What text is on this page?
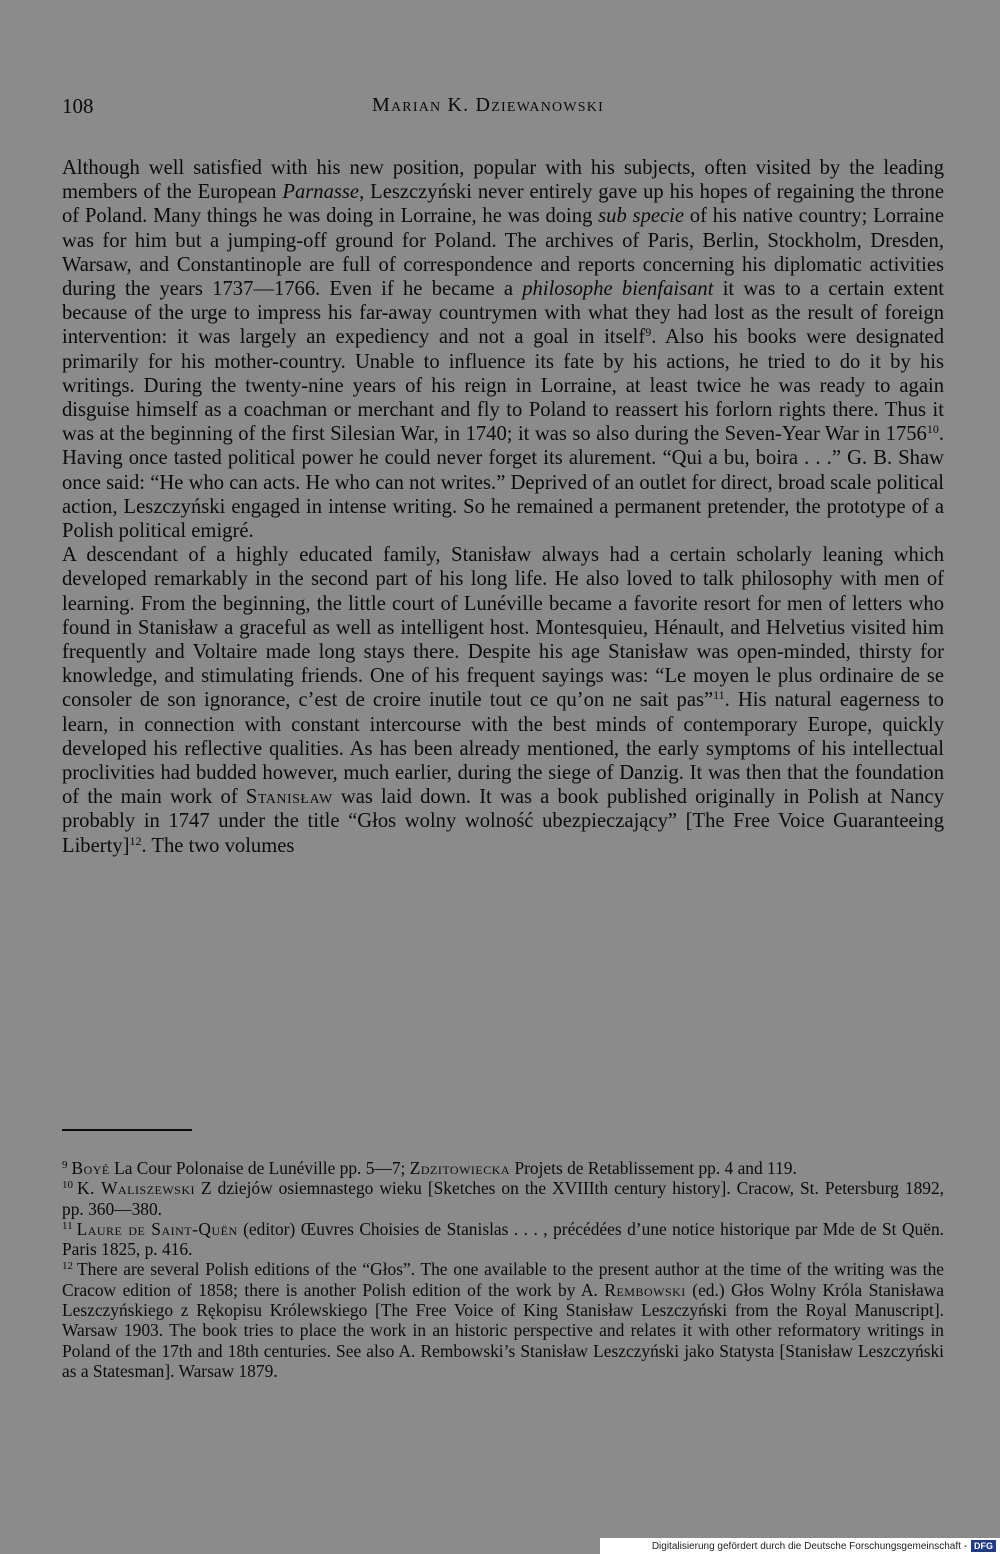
108	Marian K. Dziewanowski

Although well satisfied with his new position, popular with his subjects, often visited by the leading members of the European Parnasse, Leszczyński never entirely gave up his hopes of regaining the throne of Poland. Many things he was doing in Lorraine, he was doing sub specie of his native country; Lorraine was for him but a jumping-off ground for Poland. The archives of Paris, Berlin, Stockholm, Dresden, Warsaw, and Constantinople are full of correspondence and reports concerning his diplomatic activities during the years 1737—1766. Even if he became a philosophe bienfaisant it was to a certain extent because of the urge to impress his far-away countrymen with what they had lost as the result of foreign intervention: it was largely an expediency and not a goal in itself$^9$. Also his books were designated primarily for his mother-country. Unable to influence its fate by his actions, he tried to do it by his writings. During the twenty-nine years of his reign in Lorraine, at least twice he was ready to again disguise himself as a coachman or merchant and fly to Poland to reassert his forlorn rights there. Thus it was at the beginning of the first Silesian War, in 1740; it was so also during the Seven-Year War in 1756$^{10}$. Having once tasted political power he could never forget its alurement. “Qui a bu, boira . . .” G. B. Shaw once said: “He who can acts. He who can not writes.” Deprived of an outlet for direct, broad scale political action, Leszczyński engaged in intense writing. So he remained a permanent pretender, the prototype of a Polish political emigré.

A descendant of a highly educated family, Stanisław always had a certain scholarly leaning which developed remarkably in the second part of his long life. He also loved to talk philosophy with men of learning. From the beginning, the little court of Lunéville became a favorite resort for men of letters who found in Stanisław a graceful as well as intelligent host. Montesquieu, Hénault, and Helvetius visited him frequently and Voltaire made long stays there. Despite his age Stanisław was open-minded, thirsty for knowledge, and stimulating friends. One of his frequent sayings was: “Le moyen le plus ordinaire de se consoler de son ignorance, c’est de croire inutile tout ce qu’on ne sait pas”$^{11}$. His natural eagerness to learn, in connection with constant intercourse with the best minds of contemporary Europe, quickly developed his reflective qualities. As has been already mentioned, the early symptoms of his intellectual proclivities had budded however, much earlier, during the siege of Danzig. It was then that the foundation of the main work of Stanisław was laid down. It was a book published originally in Polish at Nancy probably in 1747 under the title “Głos wolny wolność ubezpieczający” [The Free Voice Guaranteeing Liberty]$^{12}$. The two volumes

$^9$ Boyé La Cour Polonaise de Lunéville pp. 5—7; Zdzitowiecka Projets de Retablissement pp. 4 and 119.

$^{10}$ K. Waliszewski Z dziejów osiemnastego wieku [Sketches on the XVIIIth century history]. Cracow, St. Petersburg 1892, pp. 360—380.

$^{11}$ Laure de Saint-Quën (editor) Œuvres Choisies de Stanislas . . . , précédées d’une notice historique par Mde de St Quën. Paris 1825, p. 416.

$^{12}$ There are several Polish editions of the “Głos”. The one available to the present author at the time of the writing was the Cracow edition of 1858; there is another Polish edition of the work by A. Rembowski (ed.) Głos Wolny Króla Stanisława Leszczyńskiego z Rękopisu Królewskiego [The Free Voice of King Stanisław Leszczyński from the Royal Manuscript]. Warsaw 1903. The book tries to place the work in an historic perspective and relates it with other reformatory writings in Poland of the 17th and 18th centuries. See also A. Rembowski’s Stanisław Leszczyński jako Statysta [Stanisław Leszczyński as a Statesman]. Warsaw 1879.

Digitalisierung gefördert durch die Deutsche Forschungsgemeinschaft - DFG
